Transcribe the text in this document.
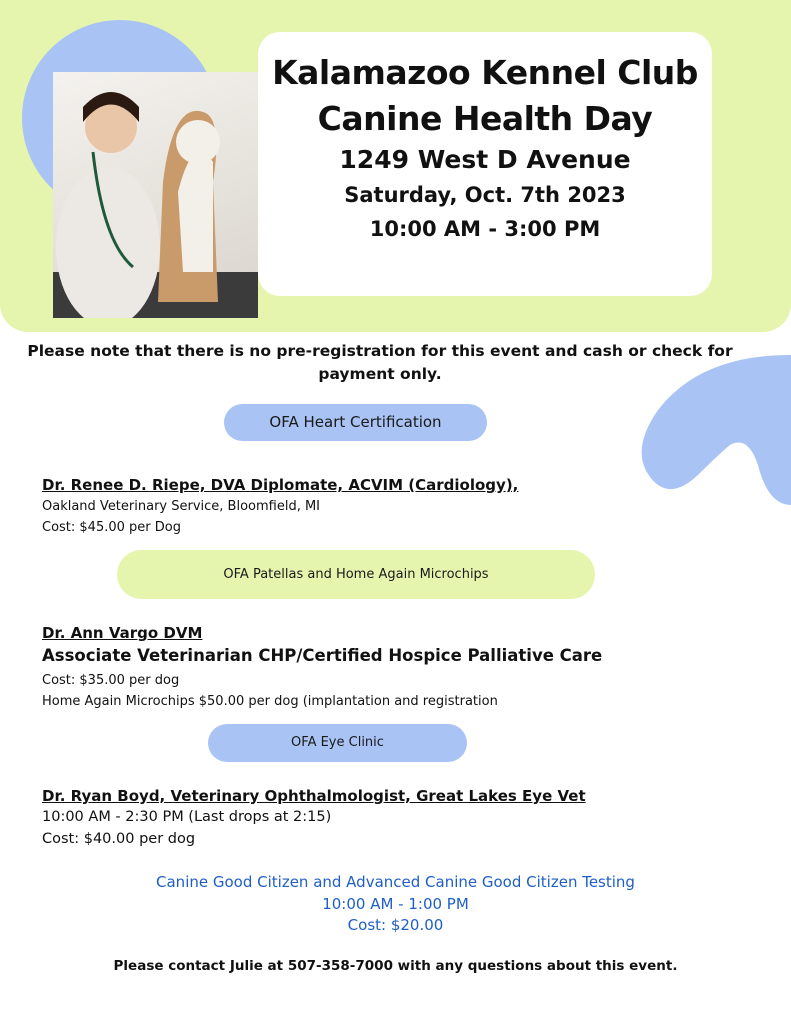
Kalamazoo Kennel Club
Canine Health Day
1249 West D Avenue
Saturday, Oct. 7th 2023
10:00 AM - 3:00 PM
Please note that there is no pre-registration for this event and cash or check for payment only.
OFA Heart Certification
Dr. Renee D. Riepe, DVA Diplomate, ACVIM (Cardiology),
Oakland Veterinary Service, Bloomfield, MI
Cost: $45.00 per Dog
OFA Patellas and Home Again Microchips
Dr. Ann Vargo DVM
Associate Veterinarian CHP/Certified Hospice Palliative Care
Cost: $35.00 per dog
Home Again Microchips $50.00 per dog (implantation and registration
OFA Eye Clinic
Dr. Ryan Boyd, Veterinary Ophthalmologist, Great Lakes Eye Vet
10:00 AM - 2:30 PM (Last drops at 2:15)
Cost: $40.00 per dog
Canine Good Citizen and Advanced Canine Good Citizen Testing
10:00 AM - 1:00 PM
Cost: $20.00
Please contact Julie at 507-358-7000 with any questions about this event.
